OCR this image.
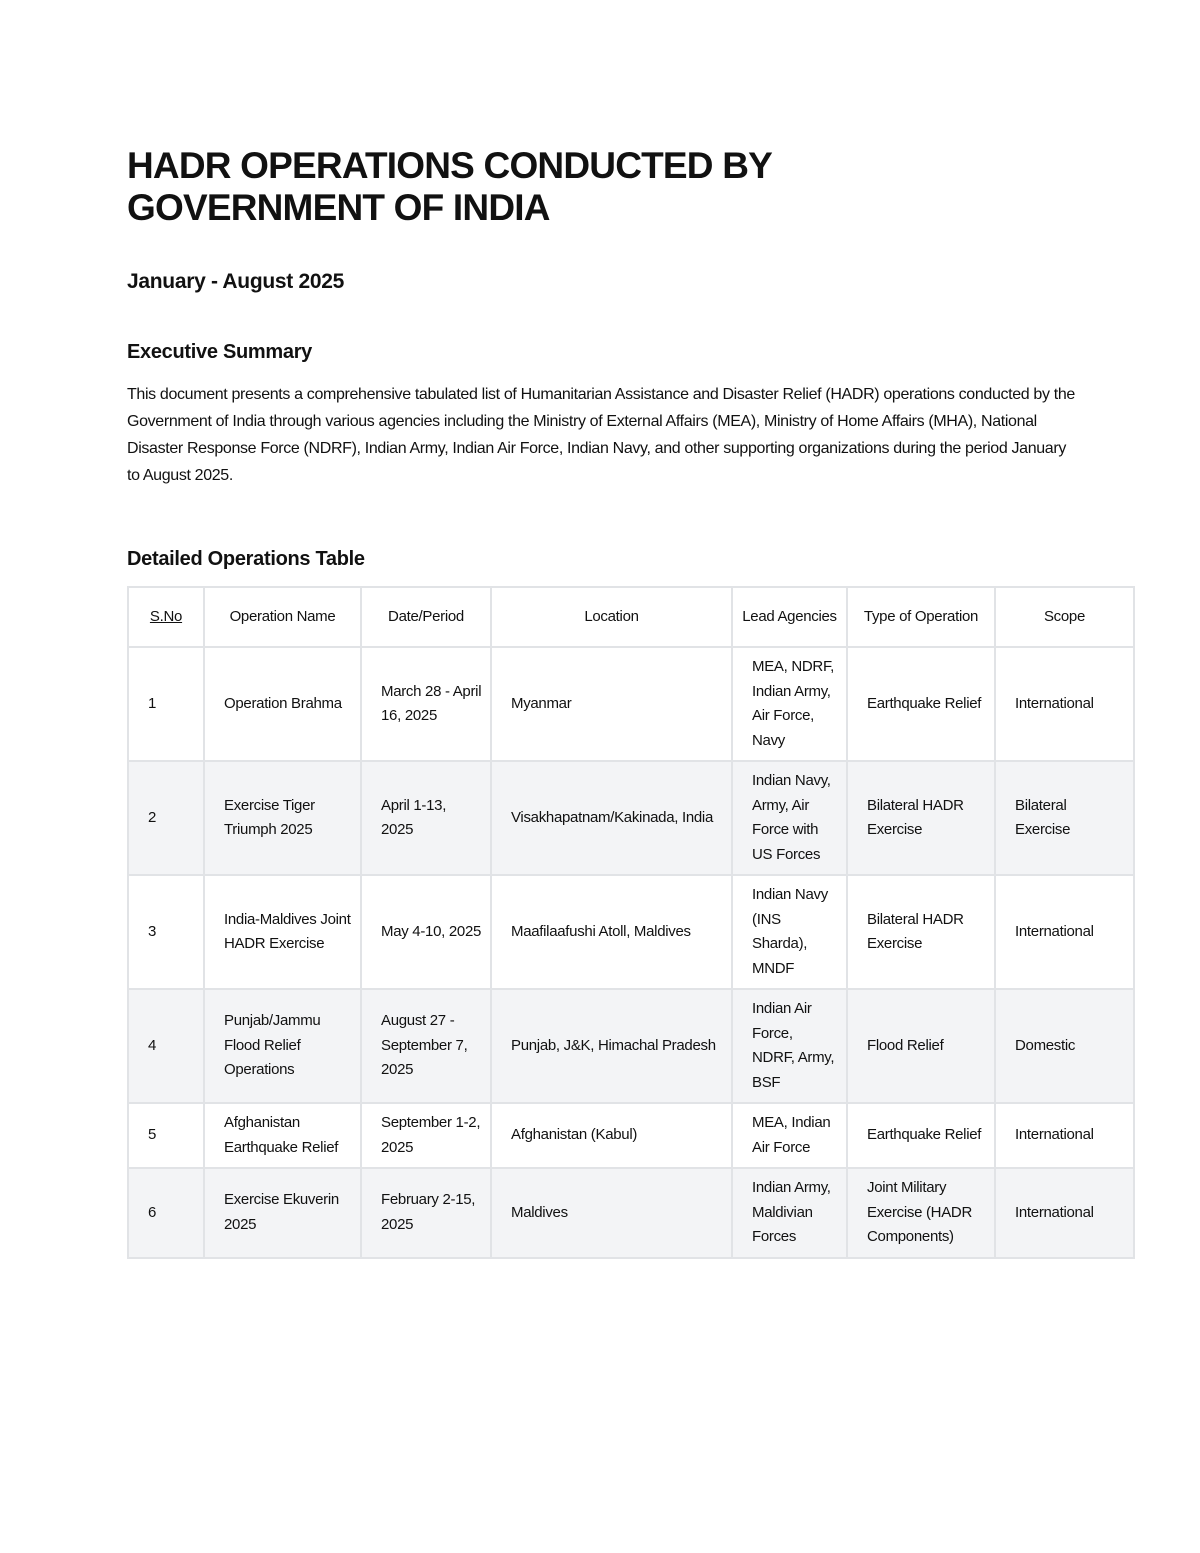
HADR OPERATIONS CONDUCTED BY GOVERNMENT OF INDIA
January - August 2025
Executive Summary

This document presents a comprehensive tabulated list of Humanitarian Assistance and Disaster Relief (HADR) operations conducted by the Government of India through various agencies including the Ministry of External Affairs (MEA), Ministry of Home Affairs (MHA), National Disaster Response Force (NDRF), Indian Army, Indian Air Force, Indian Navy, and other supporting organizations during the period January to August 2025.

Detailed Operations Table
S.No	Operation Name	Date/Period	Location	Lead Agencies	Type of Operation	Scope
1	Operation Brahma	March 28 - April 16, 2025	Myanmar	MEA, NDRF, Indian Army, Air Force, Navy	Earthquake Relief	International
2	Exercise Tiger Triumph 2025	April 1-13, 2025	Visakhapatnam/Kakinada, India	Indian Navy, Army, Air Force with US Forces	Bilateral HADR Exercise	Bilateral Exercise
3	India-Maldives Joint HADR Exercise	May 4-10, 2025	Maafilaafushi Atoll, Maldives	Indian Navy (INS Sharda), MNDF	Bilateral HADR Exercise	International
4	Punjab/Jammu Flood Relief Operations	August 27 - September 7, 2025	Punjab, J&K, Himachal Pradesh	Indian Air Force, NDRF, Army, BSF	Flood Relief	Domestic
5	Afghanistan Earthquake Relief	September 1-2, 2025	Afghanistan (Kabul)	MEA, Indian Air Force	Earthquake Relief	International
6	Exercise Ekuverin 2025	February 2-15, 2025	Maldives	Indian Army, Maldivian Forces	Joint Military Exercise (HADR Components)	International
